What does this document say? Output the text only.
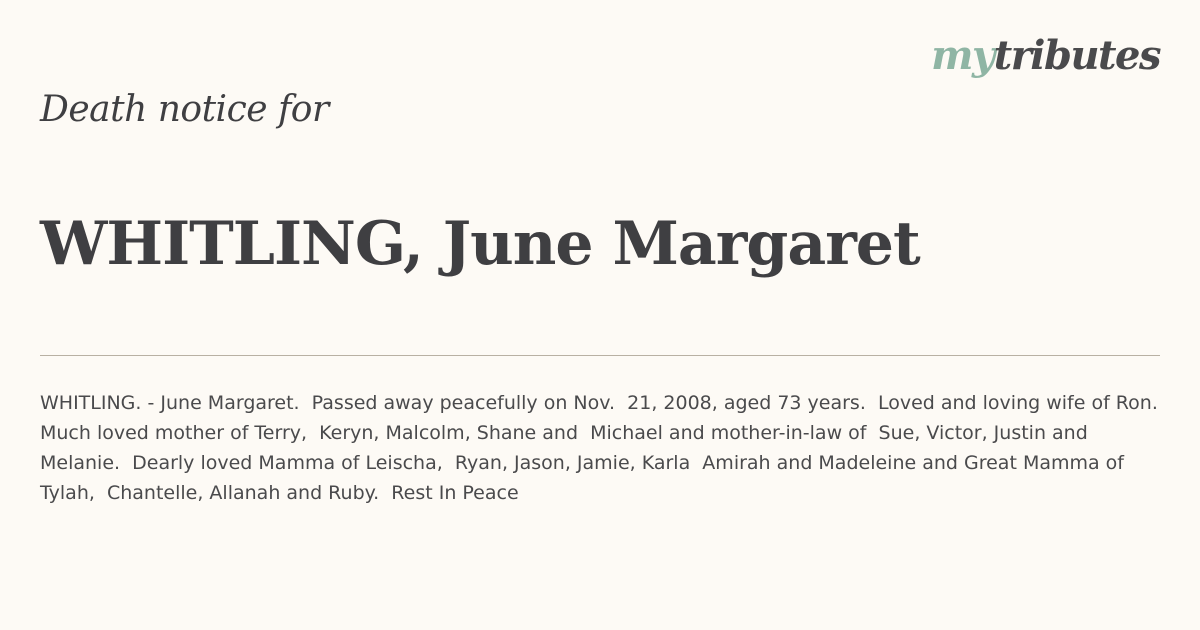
mytributes
Death notice for
WHITLING, June Margaret

WHITLING. - June Margaret.  Passed away peacefully on Nov.  21, 2008, aged 73 years.  Loved and loving wife of Ron.  Much loved mother of Terry,  Keryn, Malcolm, Shane and  Michael and mother-in-law of  Sue, Victor, Justin and Melanie.  Dearly loved Mamma of Leischa,  Ryan, Jason, Jamie, Karla  Amirah and Madeleine and Great Mamma of Tylah,  Chantelle, Allanah and Ruby.  Rest In Peace
